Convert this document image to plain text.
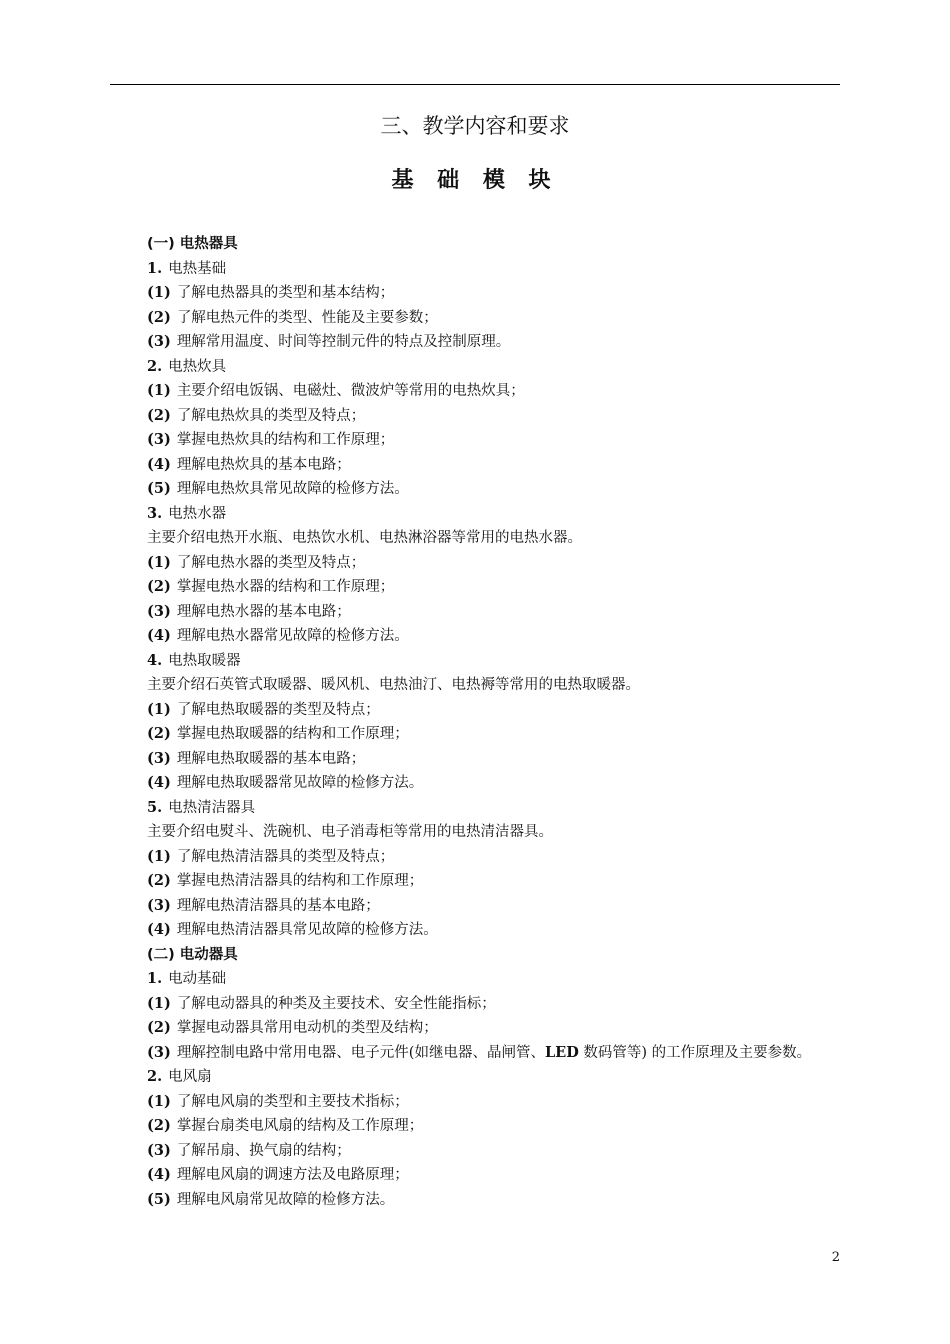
三、教学内容和要求
基 础 模 块
(一) 电热器具
1. 电热基础
(1) 了解电热器具的类型和基本结构；
(2) 了解电热元件的类型、性能及主要参数；
(3) 理解常用温度、时间等控制元件的特点及控制原理。
2. 电热炊具
(1) 主要介绍电饭锅、电磁灶、微波炉等常用的电热炊具；
(2) 了解电热炊具的类型及特点；
(3) 掌握电热炊具的结构和工作原理；
(4) 理解电热炊具的基本电路；
(5) 理解电热炊具常见故障的检修方法。
3. 电热水器
主要介绍电热开水瓶、电热饮水机、电热淋浴器等常用的电热水器。
(1) 了解电热水器的类型及特点；
(2) 掌握电热水器的结构和工作原理；
(3) 理解电热水器的基本电路；
(4) 理解电热水器常见故障的检修方法。
4. 电热取暖器
主要介绍石英管式取暖器、暖风机、电热油汀、电热褥等常用的电热取暖器。
(1) 了解电热取暖器的类型及特点；
(2) 掌握电热取暖器的结构和工作原理；
(3) 理解电热取暖器的基本电路；
(4) 理解电热取暖器常见故障的检修方法。
5. 电热清洁器具
主要介绍电熨斗、洗碗机、电子消毒柜等常用的电热清洁器具。
(1) 了解电热清洁器具的类型及特点；
(2) 掌握电热清洁器具的结构和工作原理；
(3) 理解电热清洁器具的基本电路；
(4) 理解电热清洁器具常见故障的检修方法。
(二) 电动器具
1. 电动基础
(1) 了解电动器具的种类及主要技术、安全性能指标；
(2) 掌握电动器具常用电动机的类型及结构；
(3) 理解控制电路中常用电器、电子元件(如继电器、晶闸管、LED 数码管等) 的工作原理及主要参数。
2. 电风扇
(1) 了解电风扇的类型和主要技术指标；
(2) 掌握台扇类电风扇的结构及工作原理；
(3) 了解吊扇、换气扇的结构；
(4) 理解电风扇的调速方法及电路原理；
(5) 理解电风扇常见故障的检修方法。
2
